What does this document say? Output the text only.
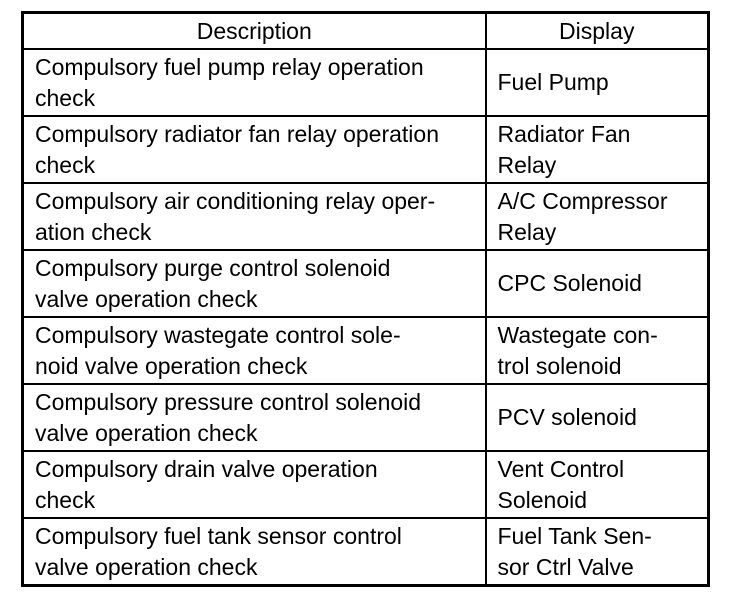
Description	Display

Compulsory fuel pump relay operation
check	Fuel Pump

Compulsory radiator fan relay operation
check	Radiator Fan
Relay

Compulsory air conditioning relay oper-
ation check	A/C Compressor
Relay

Compulsory purge control solenoid
valve operation check	CPC Solenoid

Compulsory wastegate control sole-
noid valve operation check	Wastegate con-
trol solenoid

Compulsory pressure control solenoid
valve operation check	PCV solenoid

Compulsory drain valve operation
check	Vent Control
Solenoid

Compulsory fuel tank sensor control
valve operation check	Fuel Tank Sen-
sor Ctrl Valve
